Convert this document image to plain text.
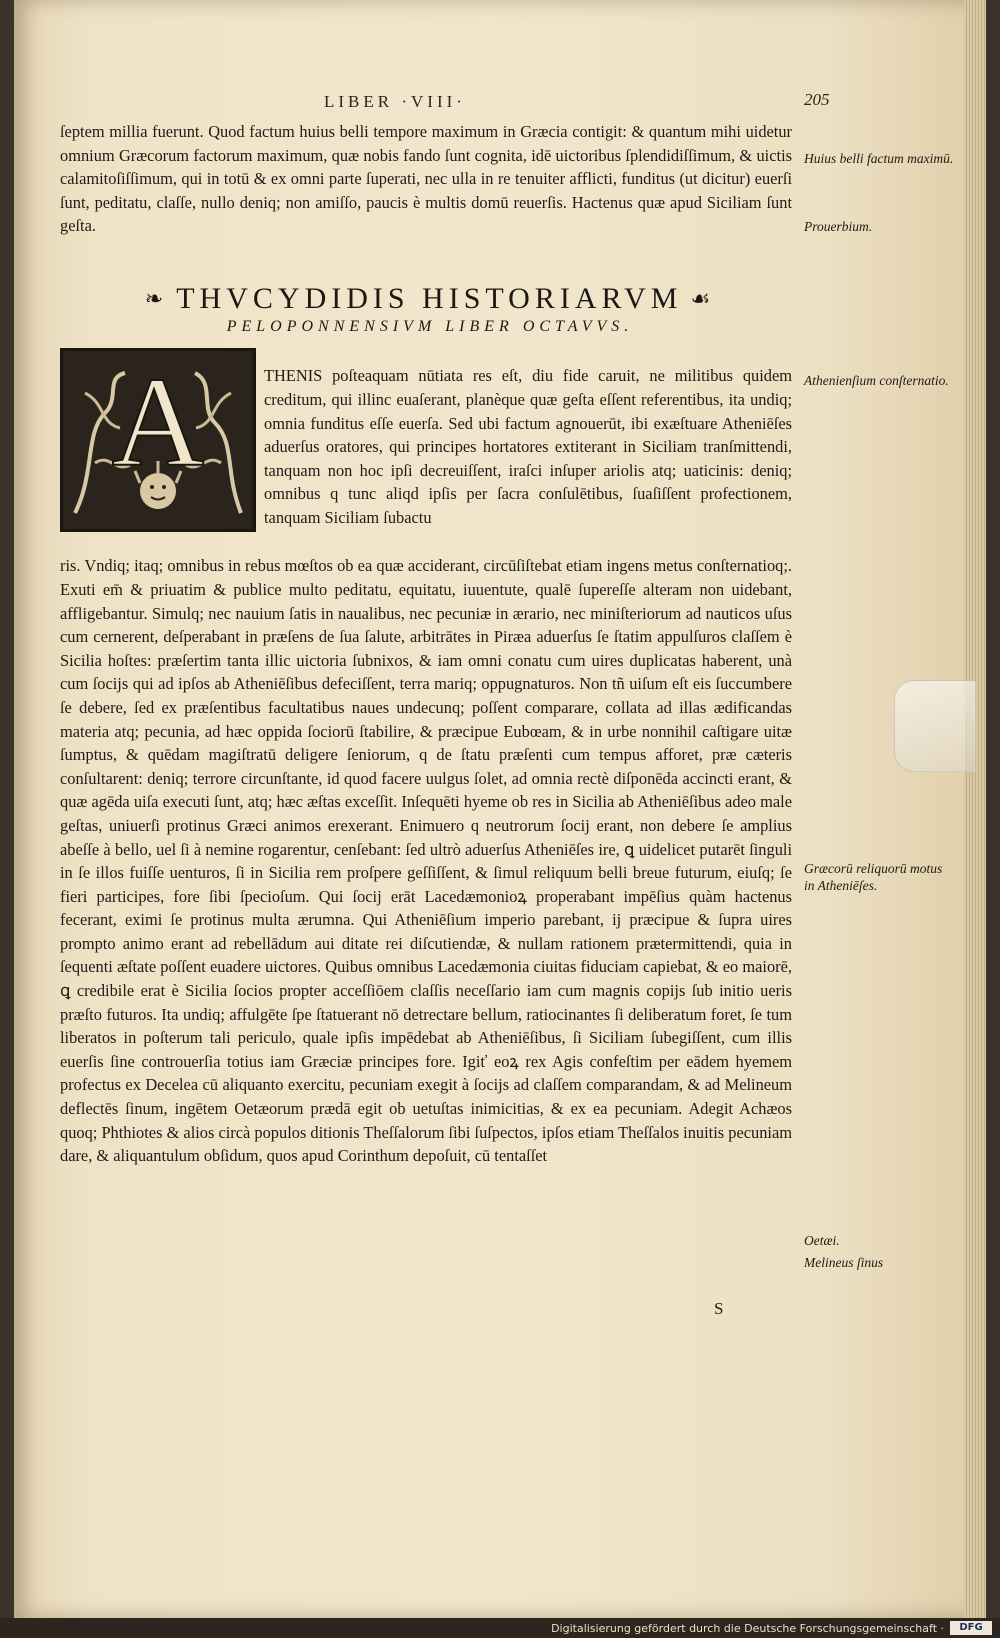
LIBER ·VIII·	205

ſeptem millia fuerunt. Quod factum huius belli tempore maximum in Græcia contigit: & quantum mihi uidetur omnium Græcorum factorum maximum, quæ nobis fando ſunt cognita, idē uictoribus ſplendidiſſimum, & uictis calamitoſiſſimum, qui in totū & ex omni parte ſuperati, nec ulla in re tenuiter afflicti, funditus (ut dicitur) euerſi ſunt, peditatu, claſſe, nullo deniq; non amiſſo, paucis è multis domū reuerſis. Hactenus quæ apud Siciliam ſunt geſta.

❧ THVCYDIDIS HISTORIARVM ☙
PELOPONNENSIVM LIBER OCTAVVS.
A	THENIS poſteaquam nūtiata res eſt, diu fide caruit, ne militibus quidem creditum, qui illinc euaſerant, planèque quæ geſta eſſent referentibus, ita undiq; omnia funditus eſſe euerſa. Sed ubi factum agnouerūt, ibi exæſtuare Atheniēſes aduerſus oratores, qui principes hortatores extiterant in Siciliam tranſmittendi, tanquam non hoc ipſi decreuiſſent, iraſci inſuper ariolis atq; uaticinis: deniq; omnibus q tunc aliqd ipſis per ſacra conſulētibus, ſuaſiſſent profectionem, tanquam Siciliam ſubactu

ris. Vndiq; itaq; omnibus in rebus mœſtos ob ea quæ acciderant, circūſiſtebat etiam ingens metus conſternatioq;. Exuti em̄ & priuatim & publice multo peditatu, equitatu, iuuentute, qualē ſupereſſe alteram non uidebant, affligebantur. Simulq; nec nauium ſatis in naualibus, nec pecuniæ in ærario, nec miniſteriorum ad nauticos uſus cum cernerent, deſperabant in præſens de ſua ſalute, arbitrātes in Piræa aduerſus ſe ſtatim appulſuros claſſem è Sicilia hoſtes: præſertim tanta illic uictoria ſubnixos, & iam omni conatu cum uires duplicatas haberent, unà cum ſocijs qui ad ipſos ab Atheniēſibus defeciſſent, terra mariq; oppugnaturos. Non tñ uiſum eſt eis ſuccumbere ſe debere, ſed ex præſentibus facultatibus naues undecunq; poſſent comparare, collata ad illas ædificandas materia atq; pecunia, ad hæc oppida ſociorū ſtabilire, & præcipue Eubœam, & in urbe nonnihil caſtigare uitæ ſumptus, & quēdam magiſtratū deligere ſeniorum, q de ſtatu præſenti cum tempus afforet, præ cæteris conſultarent: deniq; terrore circunſtante, id quod facere uulgus ſolet, ad omnia rectè diſponēda accincti erant, & quæ agēda uiſa executi ſunt, atq; hæc æſtas exceſſit. Inſequēti hyeme ob res in Sicilia ab Atheniēſibus adeo male geſtas, uniuerſi protinus Græci animos erexerant. Enimuero q neutrorum ſocij erant, non debere ſe amplius abeſſe à bello, uel ſi à nemine rogarentur, cenſebant: ſed ultrò aduerſus Atheniēſes ire, ꝗ uidelicet putarēt ſinguli in ſe illos fuiſſe uenturos, ſi in Sicilia rem proſpere geſſiſſent, & ſimul reliquum belli breue futurum, eiuſq; ſe fieri participes, fore ſibi ſpecioſum. Qui ſocij erāt Lacedæmonioꝝ properabant impēſius quàm hactenus fecerant, eximi ſe protinus multa ærumna. Qui Atheniēſium imperio parebant, ij præcipue & ſupra uires prompto animo erant ad rebellādum aui ditate rei diſcutiendæ, & nullam rationem prætermittendi, quia in ſequenti æſtate poſſent euadere uictores. Quibus omnibus Lacedæmonia ciuitas fiduciam capiebat, & eo maiorē, ꝗ credibile erat è Sicilia ſocios propter acceſſiōem claſſis neceſſario iam cum magnis copijs ſub initio ueris præſto futuros. Ita undiq; affulgēte ſpe ſtatuerant nō detrectare bellum, ratiocinantes ſi deliberatum foret, ſe tum liberatos in poſterum tali periculo, quale ipſis impēdebat ab Atheniēſibus, ſi Siciliam ſubegiſſent, cum illis euerſis ſine controuerſia totius iam Græciæ principes fore. Igiť eoꝝ rex Agis confeſtim per eādem hyemem profectus ex Decelea cū aliquanto exercitu, pecuniam exegit à ſocijs ad claſſem comparandam, & ad Melineum deflectēs ſinum, ingētem Oetæorum prædā egit ob uetuſtas inimicitias, & ex ea pecuniam. Adegit Achæos quoq; Phthiotes & alios circà populos ditionis Theſſalorum ſibi ſuſpectos, ipſos etiam Theſſalos inuitis pecuniam dare, & aliquantulum obſidum, quos apud Corinthum depoſuit, cū tentaſſet

Huius belli factum maximū.
Prouerbium.
Athenienſium conſternatio.
Græcorū reliquorū motus in Atheniēſes.
Oetæi.
Melineus ſinus
S
Digitalisierung gefördert durch die Deutsche Forschungsgemeinschaft ·	DFG
